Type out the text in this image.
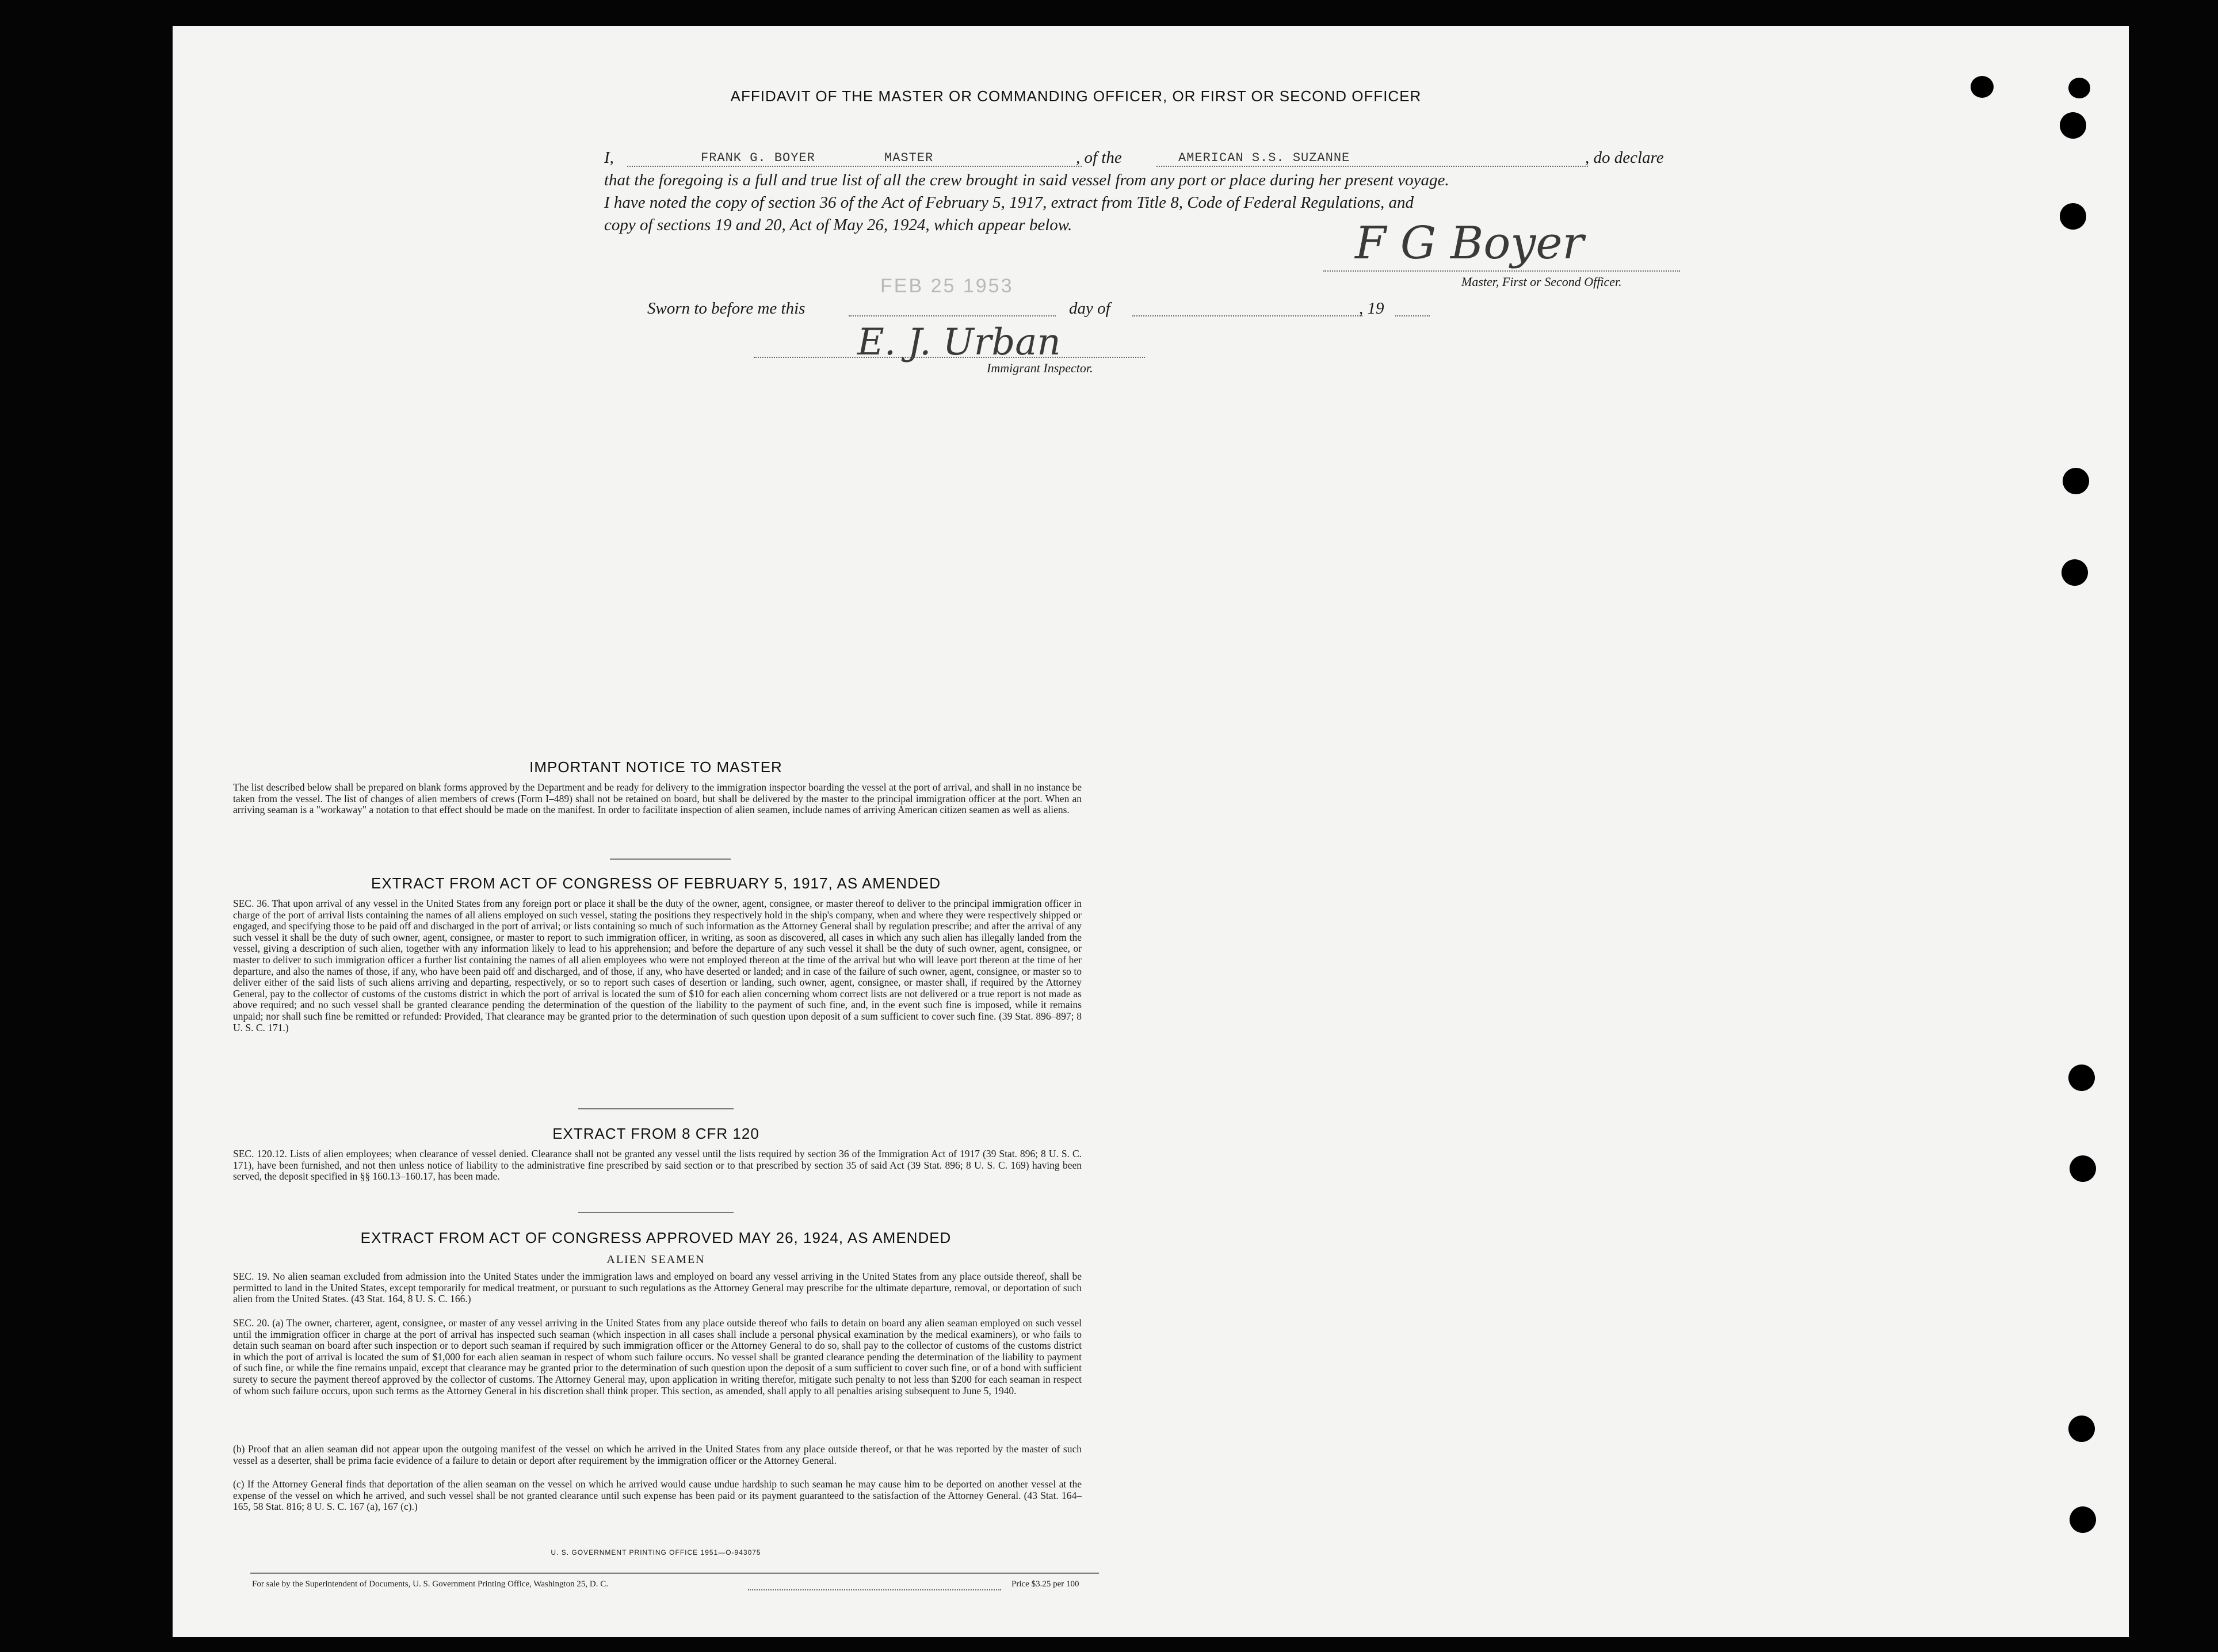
AFFIDAVIT OF THE MASTER OR COMMANDING OFFICER, OR FIRST OR SECOND OFFICER
I,	FRANK G. BOYER	MASTER	, of the	AMERICAN S.S. SUZANNE	, do declare
that the foregoing is a full and true list of all the crew brought in said vessel from any port or place during her present voyage.
I have noted the copy of section 36 of the Act of February 5, 1917, extract from Title 8, Code of Federal Regulations, and
copy of sections 19 and 20, Act of May 26, 1924, which appear below.	F G Boyer
Master, First or Second Officer.
Sworn to before me this
FEB 25 1953
day of	, 19
E. J. Urban
Immigrant Inspector.
IMPORTANT NOTICE TO MASTER
The list described below shall be prepared on blank forms approved by the Department and be ready for delivery to the immigration inspector boarding the vessel at the port of arrival, and shall in no instance be taken from the vessel. The list of changes of alien members of crews (Form I–489) shall not be retained on board, but shall be delivered by the master to the principal immigration officer at the port. When an arriving seaman is a "workaway" a notation to that effect should be made on the manifest. In order to facilitate inspection of alien seamen, include names of arriving American citizen seamen as well as aliens.
EXTRACT FROM ACT OF CONGRESS OF FEBRUARY 5, 1917, AS AMENDED
SEC. 36. That upon arrival of any vessel in the United States from any foreign port or place it shall be the duty of the owner, agent, consignee, or master thereof to deliver to the principal immigration officer in charge of the port of arrival lists containing the names of all aliens employed on such vessel, stating the positions they respectively hold in the ship's company, when and where they were respectively shipped or engaged, and specifying those to be paid off and discharged in the port of arrival; or lists containing so much of such information as the Attorney General shall by regulation prescribe; and after the arrival of any such vessel it shall be the duty of such owner, agent, consignee, or master to report to such immigration officer, in writing, as soon as discovered, all cases in which any such alien has illegally landed from the vessel, giving a description of such alien, together with any information likely to lead to his apprehension; and before the departure of any such vessel it shall be the duty of such owner, agent, consignee, or master to deliver to such immigration officer a further list containing the names of all alien employees who were not employed thereon at the time of the arrival but who will leave port thereon at the time of her departure, and also the names of those, if any, who have been paid off and discharged, and of those, if any, who have deserted or landed; and in case of the failure of such owner, agent, consignee, or master so to deliver either of the said lists of such aliens arriving and departing, respectively, or so to report such cases of desertion or landing, such owner, agent, consignee, or master shall, if required by the Attorney General, pay to the collector of customs of the customs district in which the port of arrival is located the sum of $10 for each alien concerning whom correct lists are not delivered or a true report is not made as above required; and no such vessel shall be granted clearance pending the determination of the question of the liability to the payment of such fine, and, in the event such fine is imposed, while it remains unpaid; nor shall such fine be remitted or refunded: Provided, That clearance may be granted prior to the determination of such question upon deposit of a sum sufficient to cover such fine. (39 Stat. 896–897; 8 U. S. C. 171.)
EXTRACT FROM 8 CFR 120
SEC. 120.12. Lists of alien employees; when clearance of vessel denied. Clearance shall not be granted any vessel until the lists required by section 36 of the Immigration Act of 1917 (39 Stat. 896; 8 U. S. C. 171), have been furnished, and not then unless notice of liability to the administrative fine prescribed by said section or to that prescribed by section 35 of said Act (39 Stat. 896; 8 U. S. C. 169) having been served, the deposit specified in §§ 160.13–160.17, has been made.
EXTRACT FROM ACT OF CONGRESS APPROVED MAY 26, 1924, AS AMENDED
ALIEN SEAMEN
SEC. 19. No alien seaman excluded from admission into the United States under the immigration laws and employed on board any vessel arriving in the United States from any place outside thereof, shall be permitted to land in the United States, except temporarily for medical treatment, or pursuant to such regulations as the Attorney General may prescribe for the ultimate departure, removal, or deportation of such alien from the United States. (43 Stat. 164, 8 U. S. C. 166.)
SEC. 20. (a) The owner, charterer, agent, consignee, or master of any vessel arriving in the United States from any place outside thereof who fails to detain on board any alien seaman employed on such vessel until the immigration officer in charge at the port of arrival has inspected such seaman (which inspection in all cases shall include a personal physical examination by the medical examiners), or who fails to detain such seaman on board after such inspection or to deport such seaman if required by such immigration officer or the Attorney General to do so, shall pay to the collector of customs of the customs district in which the port of arrival is located the sum of $1,000 for each alien seaman in respect of whom such failure occurs. No vessel shall be granted clearance pending the determination of the liability to payment of such fine, or while the fine remains unpaid, except that clearance may be granted prior to the determination of such question upon the deposit of a sum sufficient to cover such fine, or of a bond with sufficient surety to secure the payment thereof approved by the collector of customs. The Attorney General may, upon application in writing therefor, mitigate such penalty to not less than $200 for each seaman in respect of whom such failure occurs, upon such terms as the Attorney General in his discretion shall think proper. This section, as amended, shall apply to all penalties arising subsequent to June 5, 1940.
(b) Proof that an alien seaman did not appear upon the outgoing manifest of the vessel on which he arrived in the United States from any place outside thereof, or that he was reported by the master of such vessel as a deserter, shall be prima facie evidence of a failure to detain or deport after requirement by the immigration officer or the Attorney General.
(c) If the Attorney General finds that deportation of the alien seaman on the vessel on which he arrived would cause undue hardship to such seaman he may cause him to be deported on another vessel at the expense of the vessel on which he arrived, and such vessel shall be not granted clearance until such expense has been paid or its payment guaranteed to the satisfaction of the Attorney General. (43 Stat. 164–165, 58 Stat. 816; 8 U. S. C. 167 (a), 167 (c).)
U. S. GOVERNMENT PRINTING OFFICE 1951—O-943075
For sale by the Superintendent of Documents, U. S. Government Printing Office, Washington 25, D. C.	Price $3.25 per 100
